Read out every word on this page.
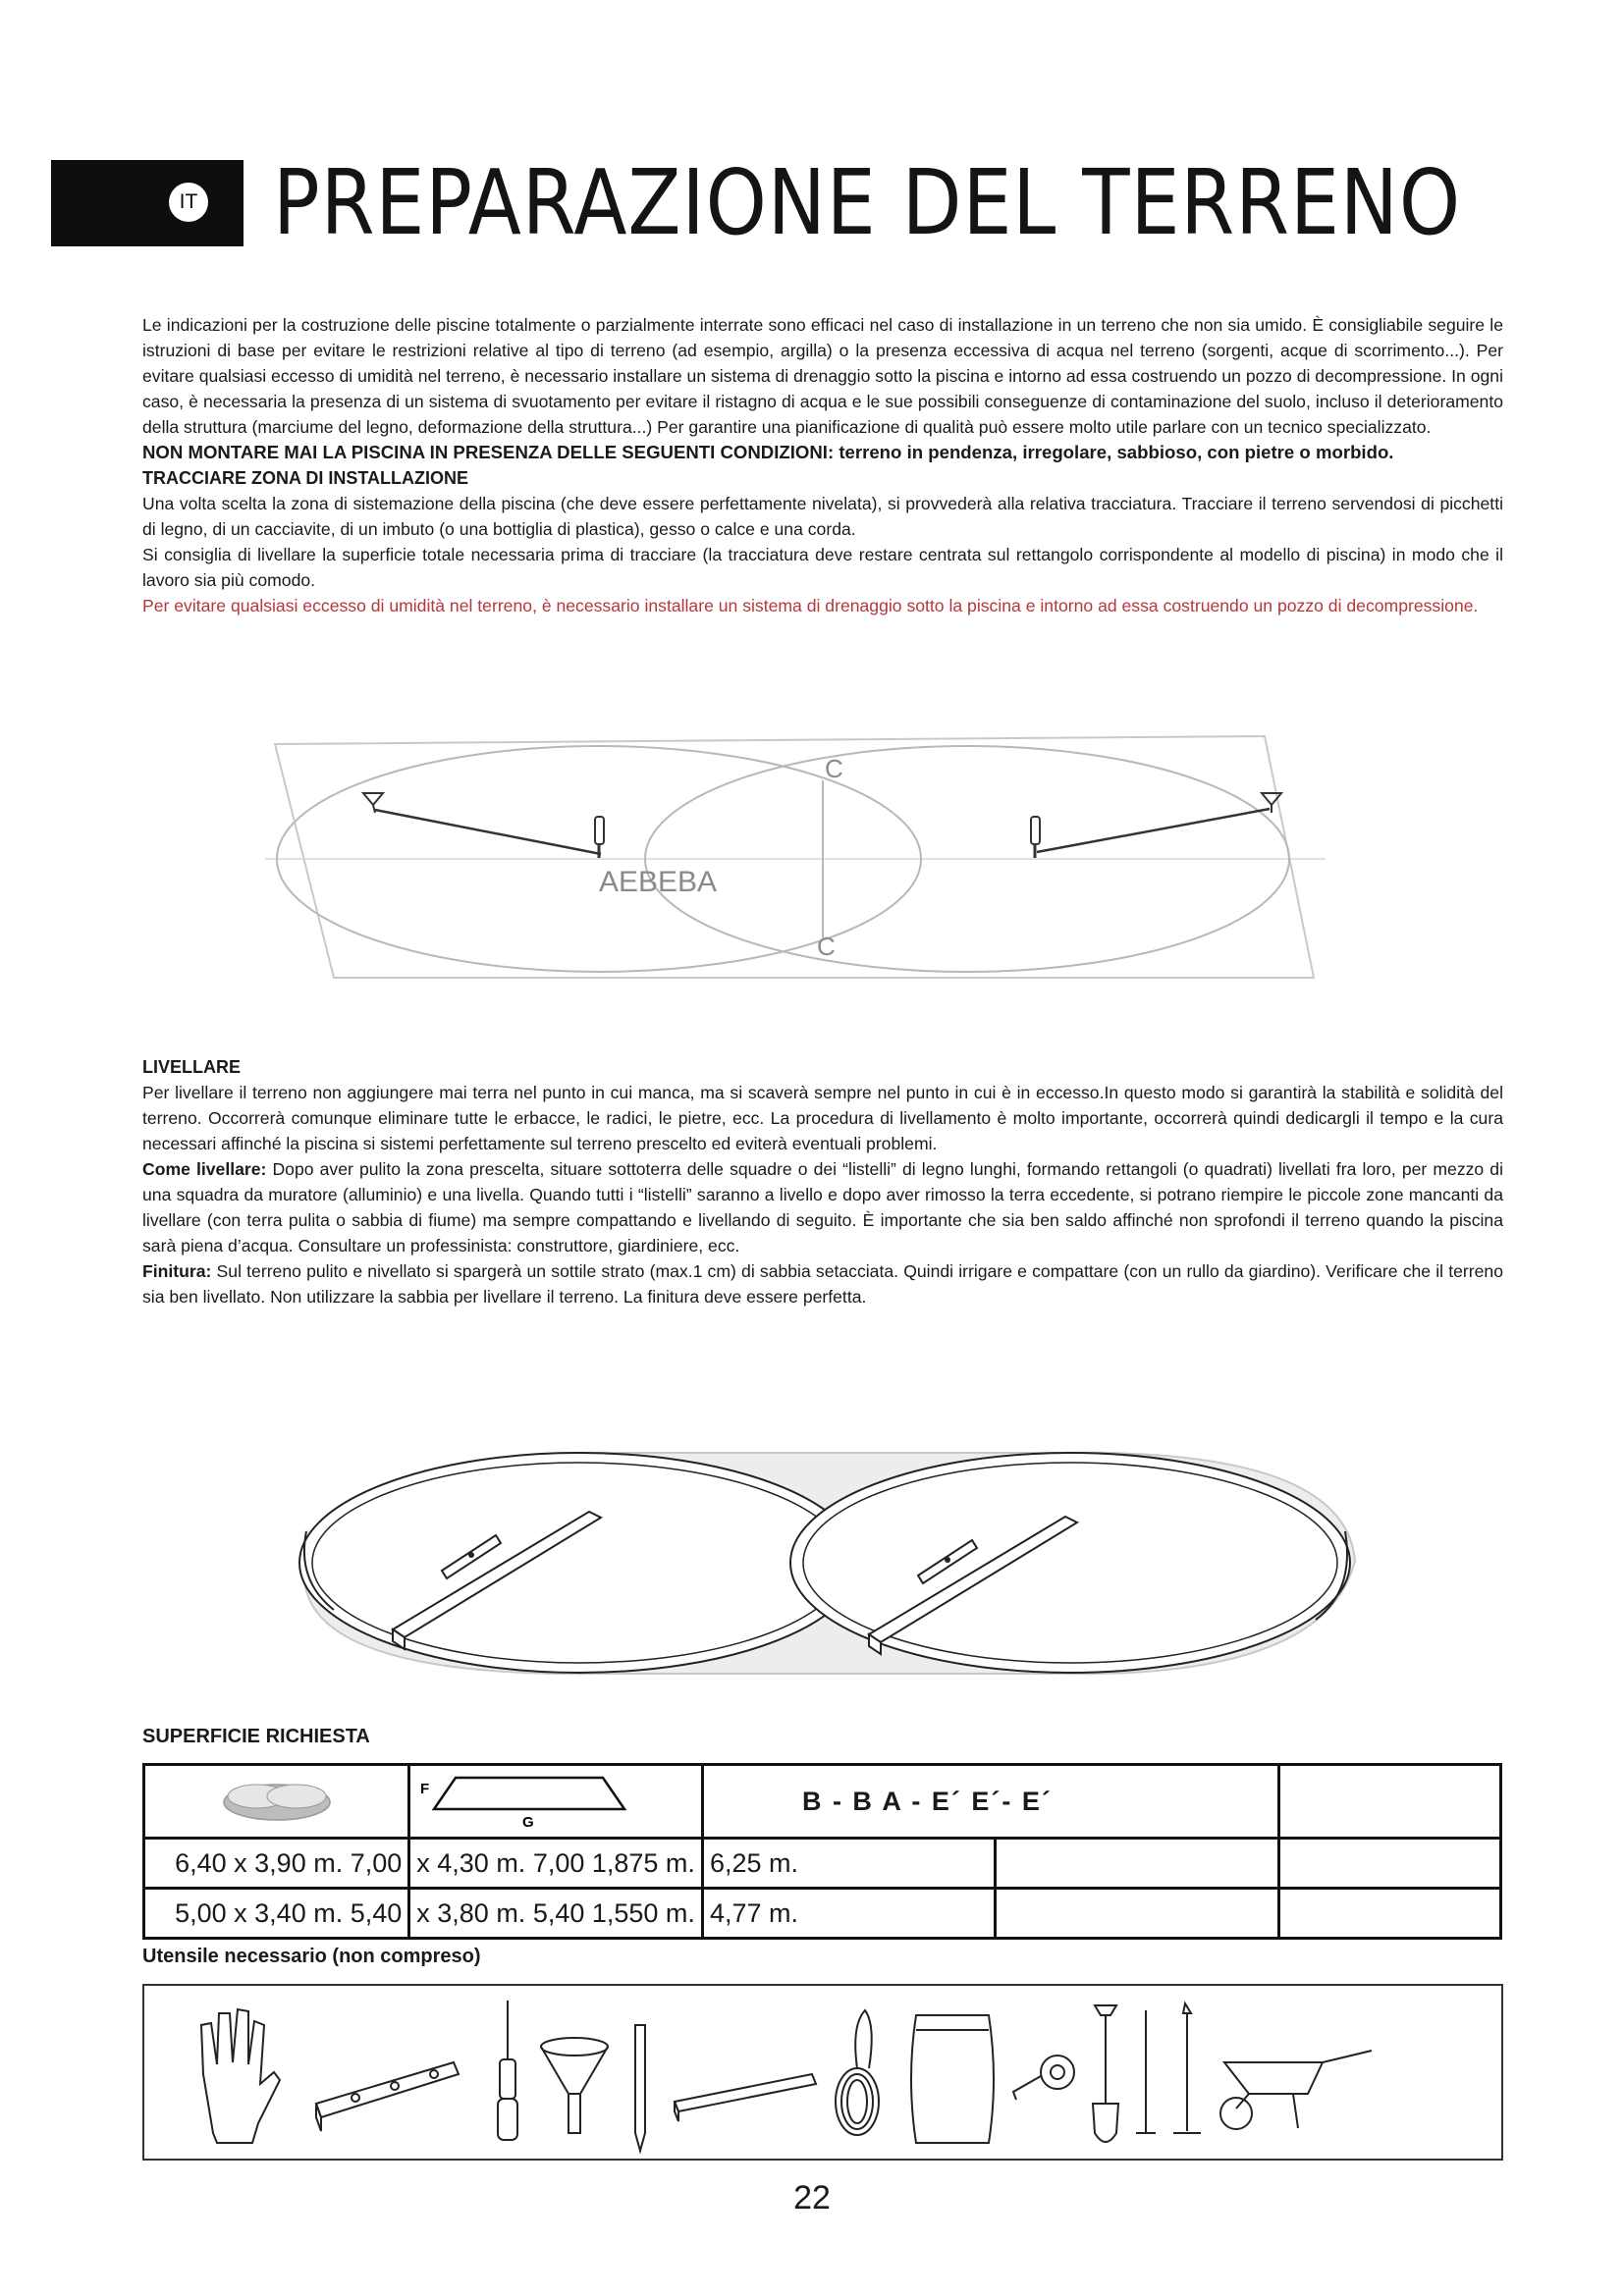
IT PREPARAZIONE DEL TERRENO

Le indicazioni per la costruzione delle piscine totalmente o parzialmente interrate sono efficaci nel caso di installazione in un terreno che non sia umido. È consigliabile seguire le istruzioni di base per evitare le restrizioni relative al tipo di terreno (ad esempio, argilla) o la presenza eccessiva di acqua nel terreno (sorgenti, acque di scorrimento...). Per evitare qualsiasi eccesso di umidità nel terreno, è necessario installare un sistema di drenaggio sotto la piscina e intorno ad essa costruendo un pozzo di decompressione. In ogni caso, è necessaria la presenza di un sistema di svuotamento per evitare il ristagno di acqua e le sue possibili conseguenze di contaminazione del suolo, incluso il deterioramento della struttura (marciume del legno, deformazione della struttura...) Per garantire una pianificazione di qualità può essere molto utile parlare con un tecnico specializzato.

NON MONTARE MAI LA PISCINA IN PRESENZA DELLE SEGUENTI CONDIZIONI: terreno in pendenza, irregolare, sabbioso, con pietre o morbido.

TRACCIARE ZONA DI INSTALLAZIONE

Una volta scelta la zona di sistemazione della piscina (che deve essere perfettamente nivelata), si provvederà alla relativa tracciatura. Tracciare il terreno servendosi di picchetti di legno, di un cacciavite, di un imbuto (o una bottiglia di plastica), gesso o calce e una corda.

Si consiglia di livellare la superficie totale necessaria prima di tracciare (la tracciatura deve restare centrata sul rettangolo corrispondente al modello di piscina) in modo che il lavoro sia più comodo.

Per evitare qualsiasi eccesso di umidità nel terreno, è necessario installare un sistema di drenaggio sotto la piscina e intorno ad essa costruendo un pozzo di decompressione.

C
C
AEBEBA

LIVELLARE

Per livellare il terreno non aggiungere mai terra nel punto in cui manca, ma si scaverà sempre nel punto in cui è in eccesso.In questo modo si garantirà la stabilità e solidità del terreno. Occorrerà comunque eliminare tutte le erbacce, le radici, le pietre, ecc. La procedura di livellamento è molto importante, occorrerà quindi dedicargli il tempo e la cura necessari affinché la piscina si sistemi perfettamente sul terreno prescelto ed eviterà eventuali problemi.

Come livellare: Dopo aver pulito la zona prescelta, situare sottoterra delle squadre o dei “listelli” di legno lunghi, formando rettangoli (o quadrati) livellati fra loro, per mezzo di una squadra da muratore (alluminio) e una livella. Quando tutti i “listelli” saranno a livello e dopo aver rimosso la terra eccedente, si potrano riempire le piccole zone mancanti da livellare (con terra pulita o sabbia di fiume) ma sempre compattando e livellando di seguito. È importante che sia ben saldo affinché non sprofondi il terreno quando la piscina sarà piena d’acqua. Consultare un professinista: construttore, giardiniere, ecc.

Finitura: Sul terreno pulito e nivellato si spargerà un sottile strato (max.1 cm) di sabbia setacciata. Quindi irrigare e compattare (con un rullo da giardino). Verificare che il terreno sia ben livellato. Non utilizzare la sabbia per livellare il terreno. La finitura deve essere perfetta.

SUPERFICIE RICHIESTA

F
G	B - B A - E´ E´- E´		
6,40 x 3,90 m. 7,00	x 4,30 m. 7,00 1,875 m.	6,25 m.		
5,00 x 3,40 m. 5,40	x 3,80 m. 5,40 1,550 m.	4,77 m.		
Utensile necessario (non compreso)
22
